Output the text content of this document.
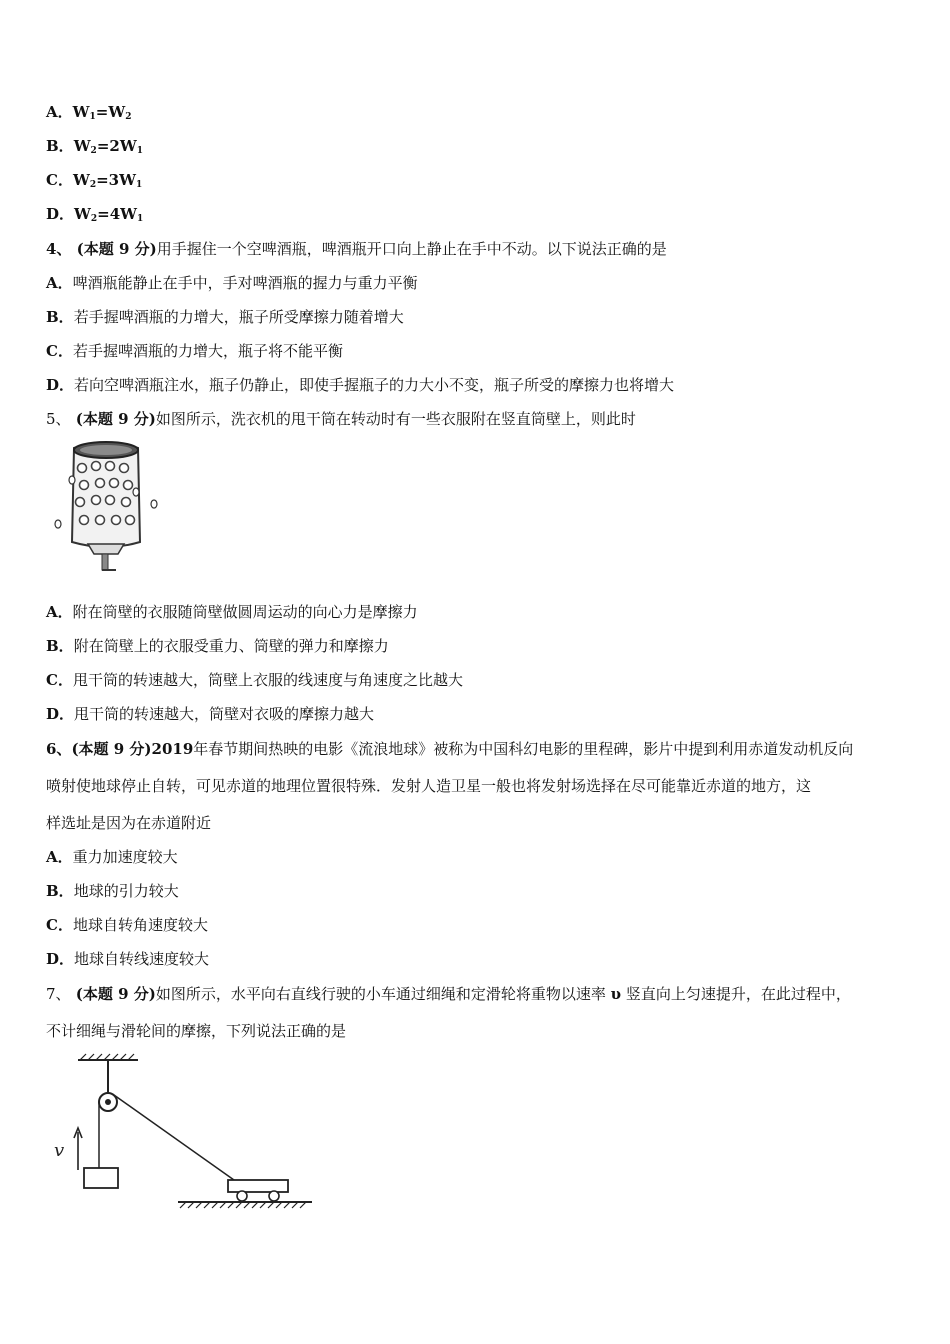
A．$W_1=W_2$
B．$W_2=2W_1$
C．$W_2=3W_1$
D．$W_2=4W_1$
4、 (本题 9 分)用手握住一个空啤酒瓶，啤酒瓶开口向上静止在手中不动。以下说法正确的是
A．啤酒瓶能静止在手中，手对啤酒瓶的握力与重力平衡
B．若手握啤酒瓶的力增大，瓶子所受摩擦力随着增大
C．若手握啤酒瓶的力增大，瓶子将不能平衡
D．若向空啤酒瓶注水，瓶子仍静止，即使手握瓶子的力大小不变，瓶子所受的摩擦力也将增大
5、 (本题 9 分)如图所示，洗衣机的甩干筒在转动时有一些衣服附在竖直筒壁上，则此时
A．附在筒壁的衣服随筒壁做圆周运动的向心力是摩擦力
B．附在筒壁上的衣服受重力、筒壁的弹力和摩擦力
C．甩干筒的转速越大，筒壁上衣服的线速度与角速度之比越大
D．甩干筒的转速越大，筒壁对衣吸的摩擦力越大
6、(本题 9 分)2019年春节期间热映的电影《流浪地球》被称为中国科幻电影的里程碑，影片中提到利用赤道发动机反向
喷射使地球停止自转，可见赤道的地理位置很特殊．发射人造卫星一般也将发射场选择在尽可能靠近赤道的地方，这
样选址是因为在赤道附近
A．重力加速度较大
B．地球的引力较大
C．地球自转角速度较大
D．地球自转线速度较大
7、 (本题 9 分)如图所示，水平向右直线行驶的小车通过细绳和定滑轮将重物以速率 υ 竖直向上匀速提升，在此过程中，
不计细绳与滑轮间的摩擦，下列说法正确的是
v
